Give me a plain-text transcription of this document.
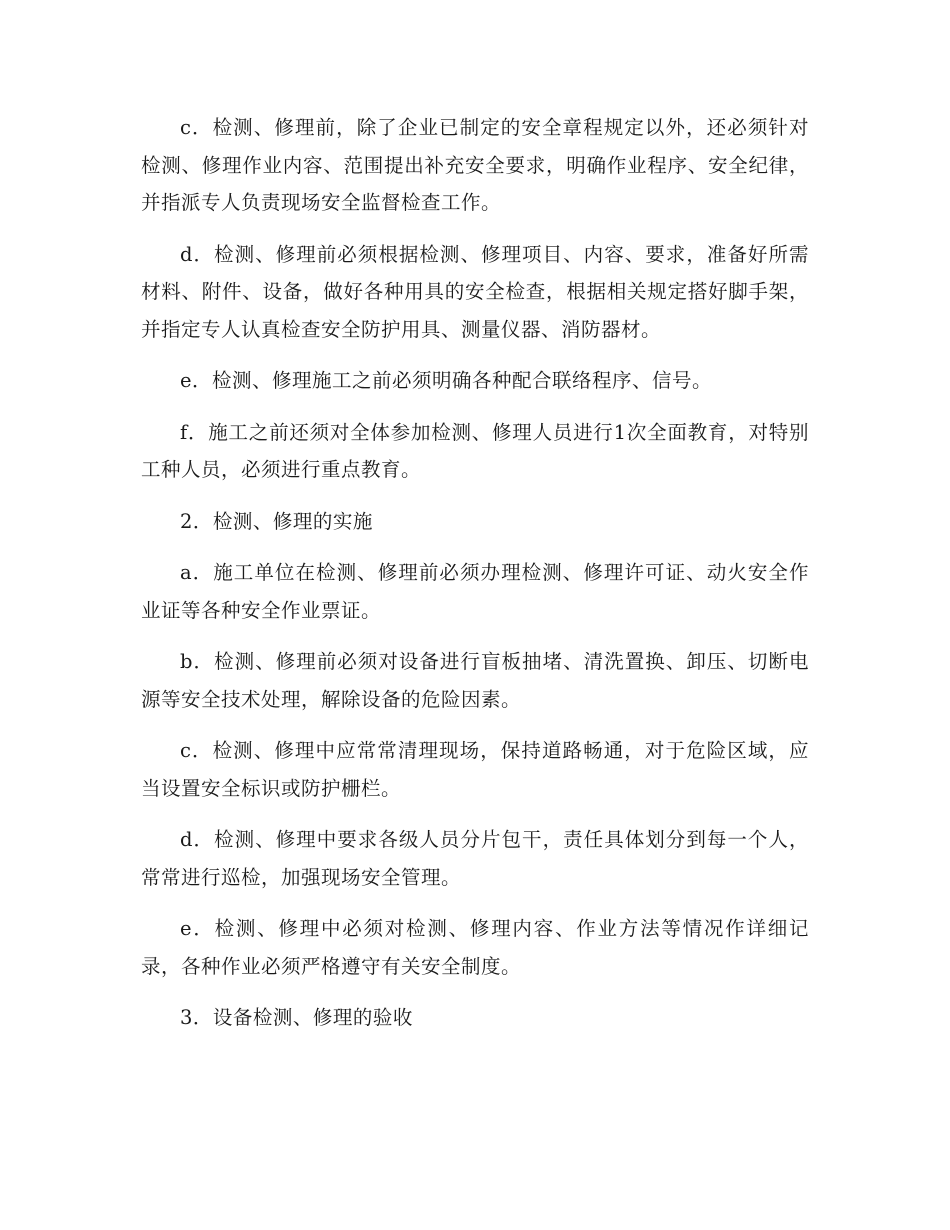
c．检测、修理前，除了企业已制定的安全章程规定以外，还必须针对检测、修理作业内容、范围提出补充安全要求，明确作业程序、安全纪律，并指派专人负责现场安全监督检查工作。

d．检测、修理前必须根据检测、修理项目、内容、要求，准备好所需材料、附件、设备，做好各种用具的安全检查，根据相关规定搭好脚手架，并指定专人认真检查安全防护用具、测量仪器、消防器材。

e．检测、修理施工之前必须明确各种配合联络程序、信号。

f．施工之前还须对全体参加检测、修理人员进行1次全面教育，对特别工种人员，必须进行重点教育。

2．检测、修理的实施

a．施工单位在检测、修理前必须办理检测、修理许可证、动火安全作业证等各种安全作业票证。

b．检测、修理前必须对设备进行盲板抽堵、清洗置换、卸压、切断电源等安全技术处理，解除设备的危险因素。

c．检测、修理中应常常清理现场，保持道路畅通，对于危险区域，应当设置安全标识或防护栅栏。

d．检测、修理中要求各级人员分片包干，责任具体划分到每一个人，常常进行巡检，加强现场安全管理。

e．检测、修理中必须对检测、修理内容、作业方法等情况作详细记录，各种作业必须严格遵守有关安全制度。

3．设备检测、修理的验收
